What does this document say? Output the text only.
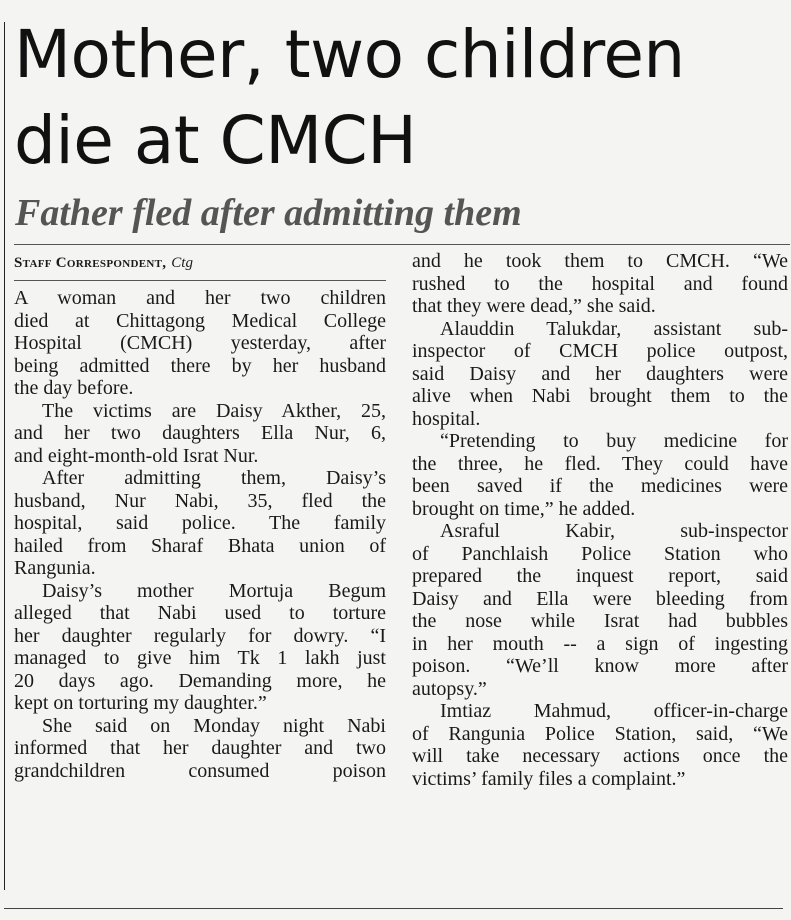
Mother, two children
die at CMCH
Father fled after admitting them
Staff Correspondent, Ctg
A woman and her two children
died at Chittagong Medical College
Hospital (CMCH) yesterday, after
being admitted there by her husband
the day before.
The victims are Daisy Akther, 25,
and her two daughters Ella Nur, 6,
and eight-month-old Israt Nur.
After admitting them, Daisy’s
husband, Nur Nabi, 35, fled the
hospital, said police. The family
hailed from Sharaf Bhata union of
Rangunia.
Daisy’s mother Mortuja Begum
alleged that Nabi used to torture
her daughter regularly for dowry. “I
managed to give him Tk 1 lakh just
20 days ago. Demanding more, he
kept on torturing my daughter.”
She said on Monday night Nabi
informed that her daughter and two
grandchildren consumed poison
and he took them to CMCH. “We
rushed to the hospital and found
that they were dead,” she said.
Alauddin Talukdar, assistant sub-
inspector of CMCH police outpost,
said Daisy and her daughters were
alive when Nabi brought them to the
hospital.
“Pretending to buy medicine for
the three, he fled. They could have
been saved if the medicines were
brought on time,” he added.
Asraful Kabir, sub-inspector
of Panchlaish Police Station who
prepared the inquest report, said
Daisy and Ella were bleeding from
the nose while Israt had bubbles
in her mouth -- a sign of ingesting
poison. “We’ll know more after
autopsy.”
Imtiaz Mahmud, officer-in-charge
of Rangunia Police Station, said, “We
will take necessary actions once the
victims’ family files a complaint.”
